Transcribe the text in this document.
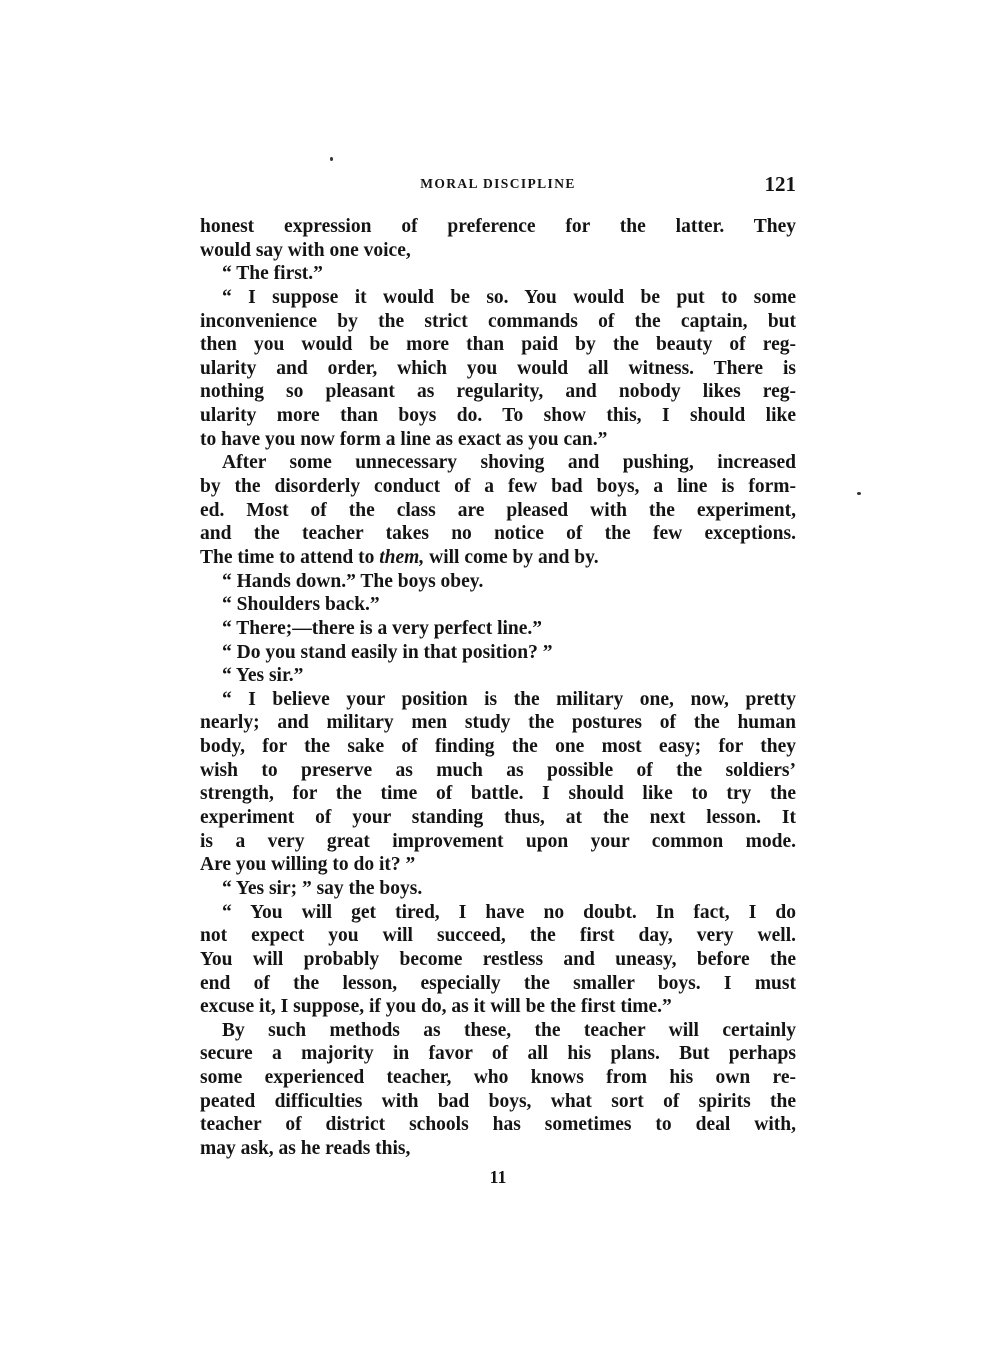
MORAL DISCIPLINE	121
honest expression of preference for the latter. They
would say with one voice,
“ The first.”
“ I suppose it would be so. You would be put to some
inconvenience by the strict commands of the captain, but
then you would be more than paid by the beauty of reg-
ularity and order, which you would all witness. There is
nothing so pleasant as regularity, and nobody likes reg-
ularity more than boys do. To show this, I should like
to have you now form a line as exact as you can.”
After some unnecessary shoving and pushing, increased
by the disorderly conduct of a few bad boys, a line is form-
ed. Most of the class are pleased with the experiment,
and the teacher takes no notice of the few exceptions.
The time to attend to them, will come by and by.
“ Hands down.” The boys obey.
“ Shoulders back.”
“ There;—there is a very perfect line.”
“ Do you stand easily in that position? ”
“ Yes sir.”
“ I believe your position is the military one, now, pretty
nearly; and military men study the postures of the human
body, for the sake of finding the one most easy; for they
wish to preserve as much as possible of the soldiers’
strength, for the time of battle. I should like to try the
experiment of your standing thus, at the next lesson. It
is a very great improvement upon your common mode.
Are you willing to do it? ”
“ Yes sir; ” say the boys.
“ You will get tired, I have no doubt. In fact, I do
not expect you will succeed, the first day, very well.
You will probably become restless and uneasy, before the
end of the lesson, especially the smaller boys. I must
excuse it, I suppose, if you do, as it will be the first time.”
By such methods as these, the teacher will certainly
secure a majority in favor of all his plans. But perhaps
some experienced teacher, who knows from his own re-
peated difficulties with bad boys, what sort of spirits the
teacher of district schools has sometimes to deal with,
may ask, as he reads this,
11
